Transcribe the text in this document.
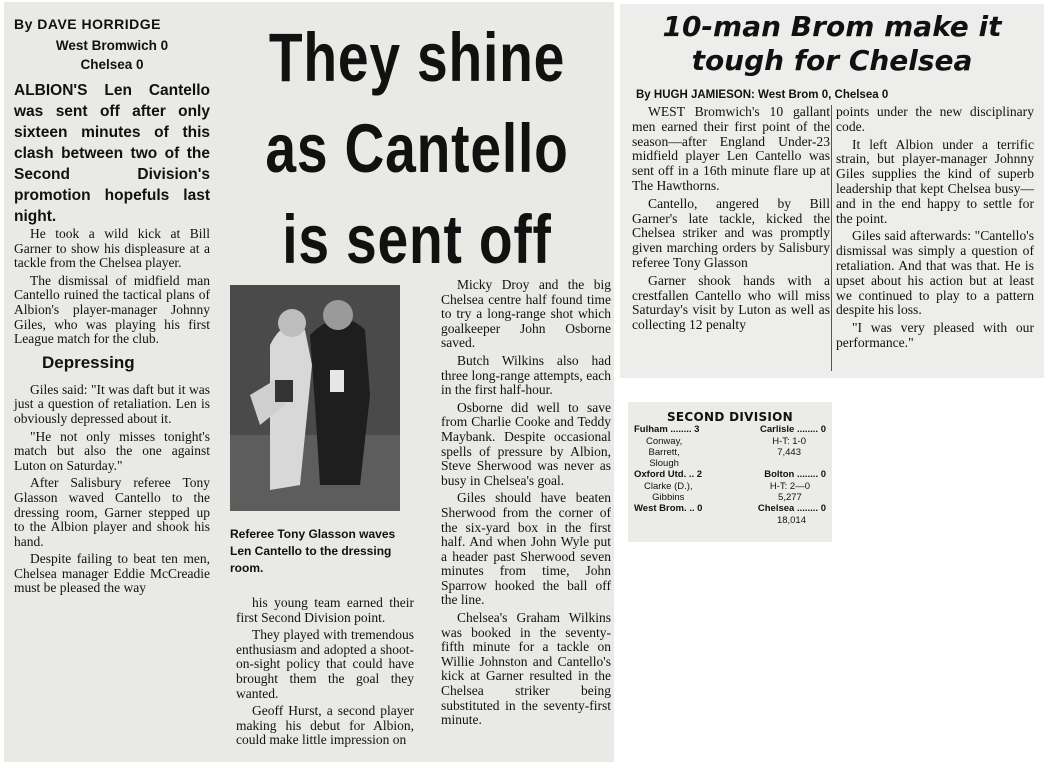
By DAVE HORRIDGE
West Bromwich 0
Chelsea 0

ALBION'S Len Cantello was sent off after only sixteen minutes of this clash between two of the Second Division's promotion hopefuls last night.

He took a wild kick at Bill Garner to show his displeasure at a tackle from the Chelsea player.

The dismissal of midfield man Cantello ruined the tactical plans of Albion's player-manager Johnny Giles, who was playing his first League match for the club.

Depressing

Giles said: "It was daft but it was just a question of retaliation. Len is obviously depressed about it.

"He not only misses tonight's match but also the one against Luton on Saturday."

After Salisbury referee Tony Glasson waved Cantello to the dressing room, Garner stepped up to the Albion player and shook his hand.

Despite failing to beat ten men, Chelsea manager Eddie McCreadie must be pleased the way

They shine
as Cantello
is sent off
Referee Tony Glasson waves Len Cantello to the dressing room.

his young team earned their first Second Division point.

They played with tremendous enthusiasm and adopted a shoot-on-sight policy that could have brought them the goal they wanted.

Geoff Hurst, a second player making his debut for Albion, could make little impression on

Micky Droy and the big Chelsea centre half found time to try a long-range shot which goalkeeper John Osborne saved.

Butch Wilkins also had three long-range attempts, each in the first half-hour.

Osborne did well to save from Charlie Cooke and Teddy Maybank. Despite occasional spells of pressure by Albion, Steve Sherwood was never as busy in Chelsea's goal.

Giles should have beaten Sherwood from the corner of the six-yard box in the first half. And when John Wyle put a header past Sherwood seven minutes from time, John Sparrow hooked the ball off the line.

Chelsea's Graham Wilkins was booked in the seventy-fifth minute for a tackle on Willie Johnston and Cantello's kick at Garner resulted in the Chelsea striker being substituted in the seventy-first minute.

10-man Brom make it
tough for Chelsea
By HUGH JAMIESON: West Brom 0, Chelsea 0

WEST Bromwich's 10 gallant men earned their first point of the season—after England Under-23 midfield player Len Cantello was sent off in a 16th minute flare up at The Hawthorns.

Cantello, angered by Bill Garner's late tackle, kicked the Chelsea striker and was promptly given marching orders by Salisbury referee Tony Glasson

Garner shook hands with a crestfallen Cantello who will miss Saturday's visit by Luton as well as collecting 12 penalty

points under the new disciplinary code.

It left Albion under a terrific strain, but player-manager Johnny Giles supplies the kind of superb leadership that kept Chelsea busy—and in the end happy to settle for the point.

Giles said afterwards: "Cantello's dismissal was simply a question of retaliation. And that was that. He is upset about his action but at least we continued to play to a pattern despite his loss.

"I was very pleased with our performance."

SECOND DIVISION
Fulham ........ 3	Carlisle ........ 0
Conway,
Barrett,
Slough
H-T: 1-0
7,443
Oxford Utd. .. 2	Bolton ........ 0
Clarke (D.),
Gibbins
H-T: 2—0
5,277
West Brom. .. 0	Chelsea ........ 0
18,014
